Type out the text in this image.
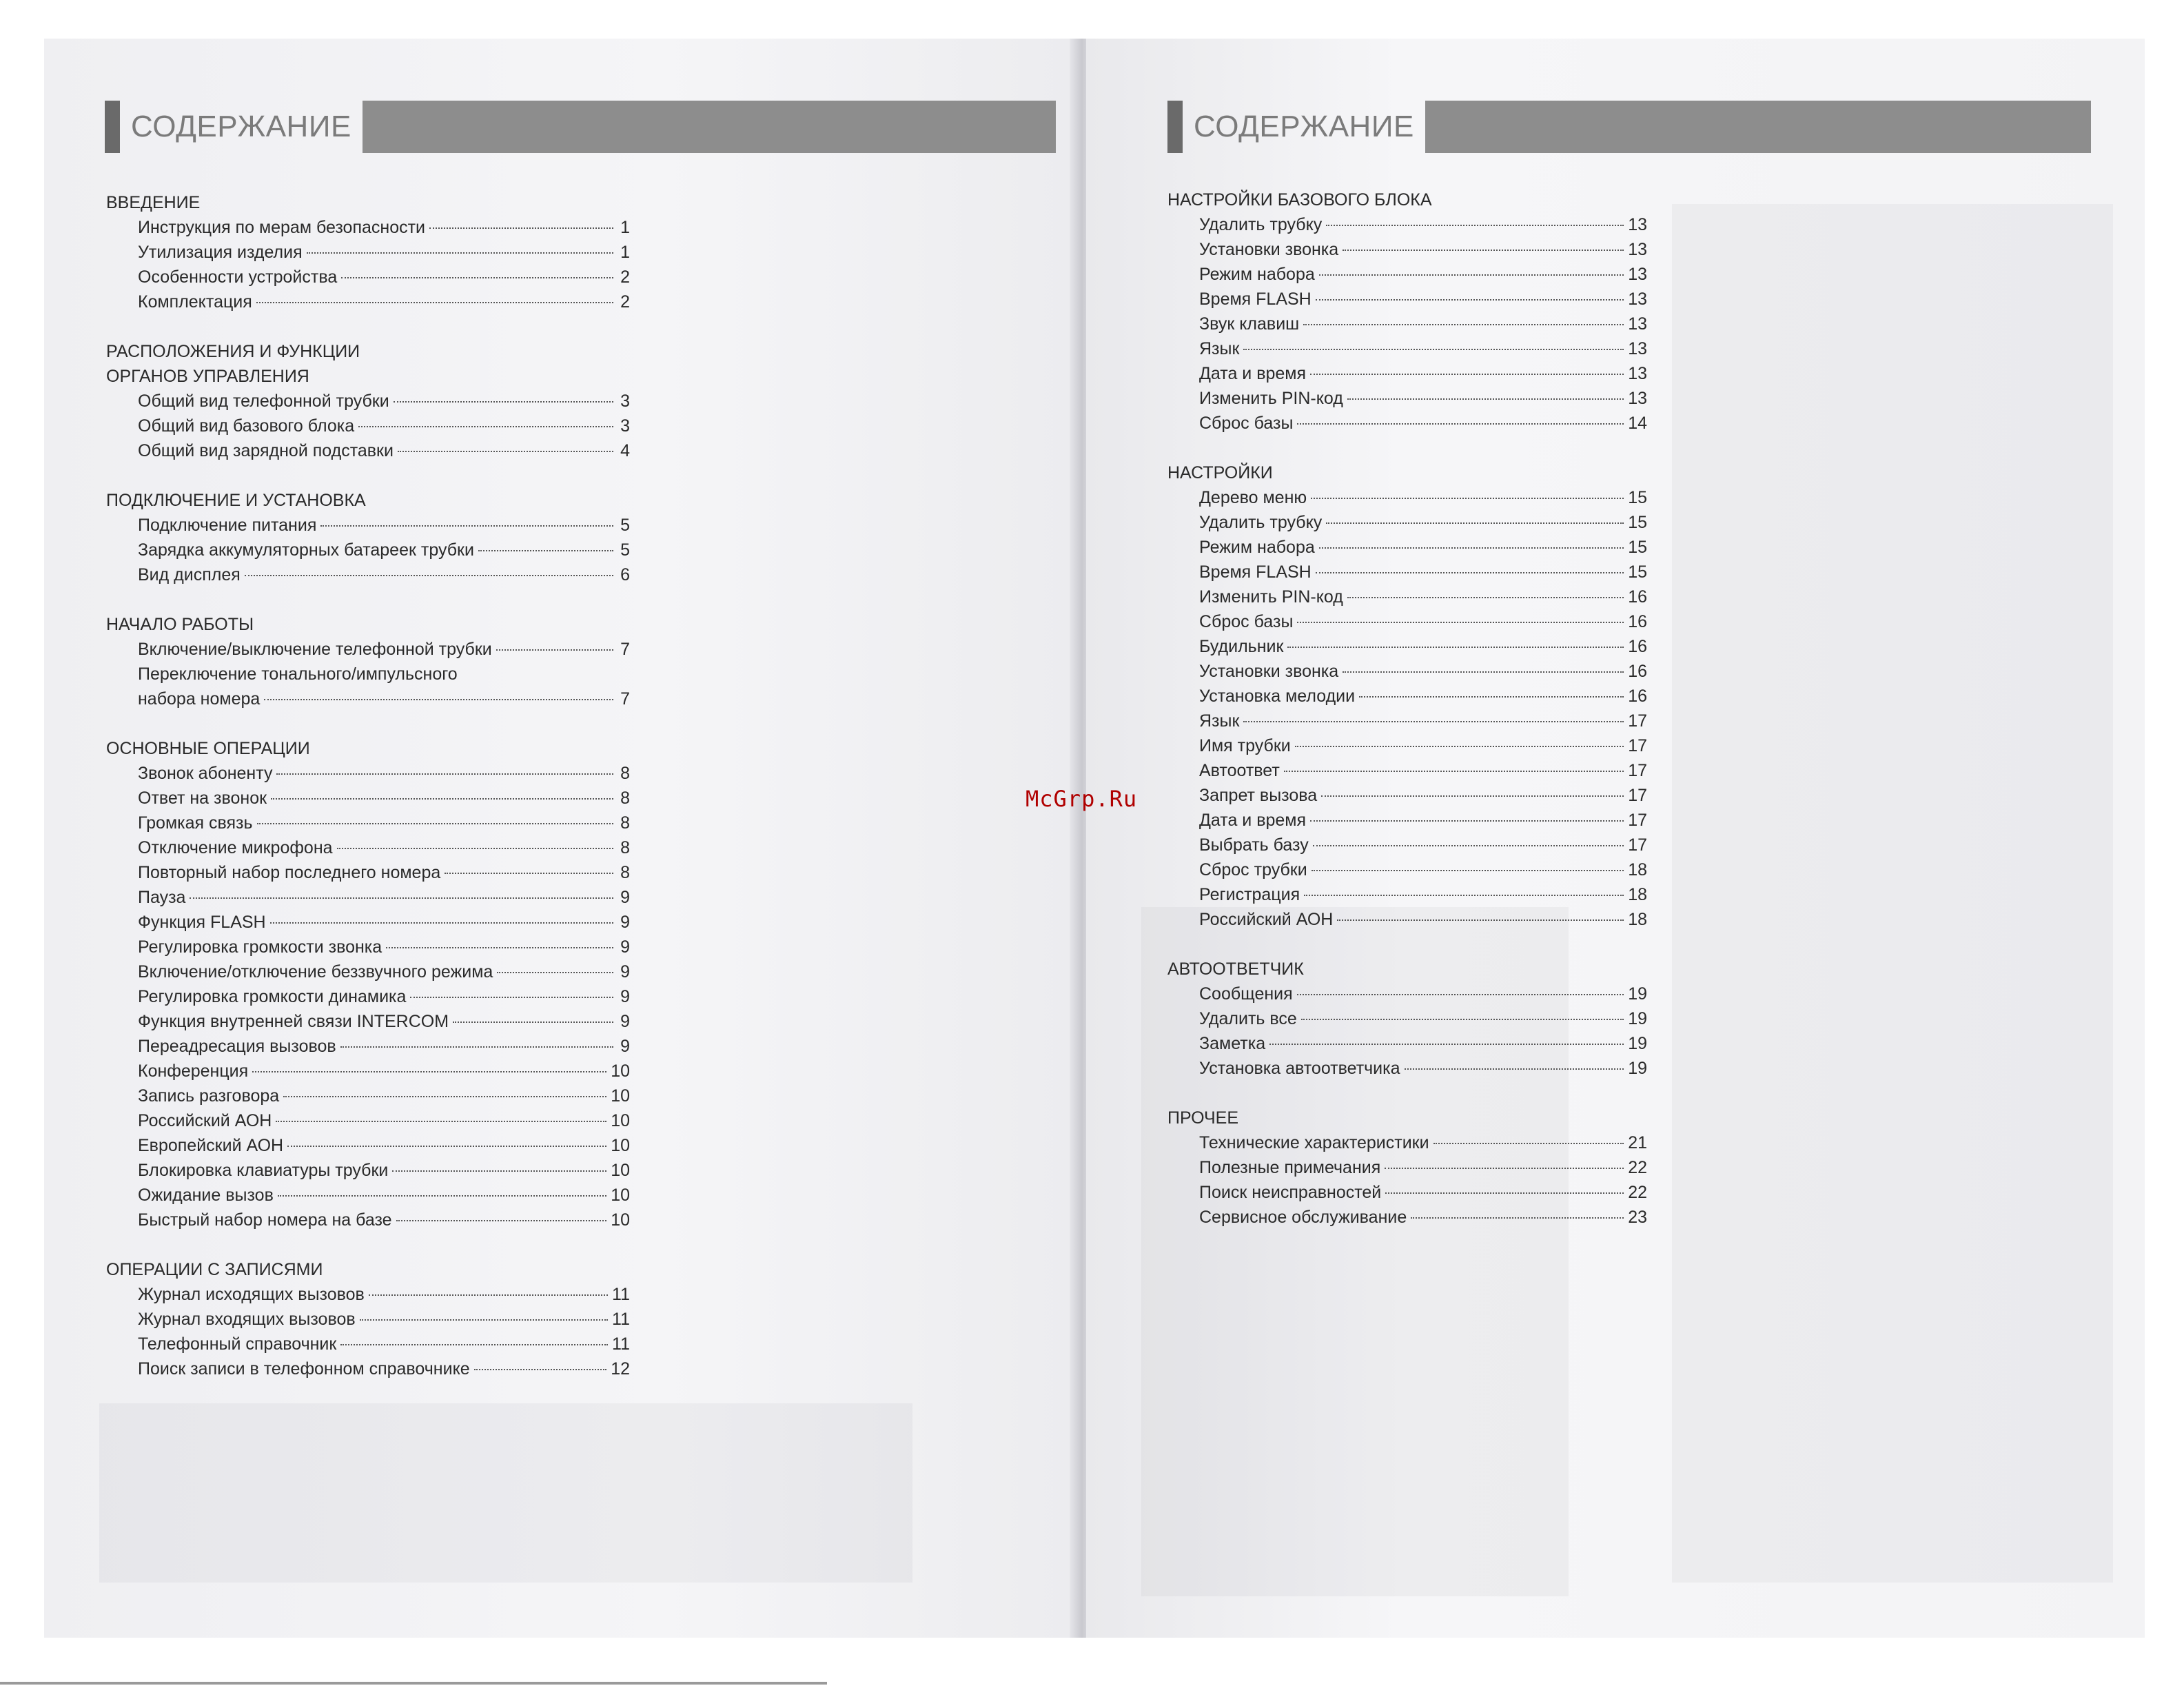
СОДЕРЖАНИЕ
ВВЕДЕНИЕ
Инструкция по мерам безопасности	1
Утилизация изделия	1
Особенности устройства	2
Комплектация	2
РАСПОЛОЖЕНИЯ И ФУНКЦИИ
ОРГАНОВ УПРАВЛЕНИЯ
Общий вид телефонной трубки	3
Общий вид базового блока	3
Общий вид зарядной подставки	4
ПОДКЛЮЧЕНИЕ И УСТАНОВКА
Подключение питания	5
Зарядка аккумуляторных батареек трубки	5
Вид дисплея	6
НАЧАЛО РАБОТЫ
Включение/выключение телефонной трубки	7
Переключение тонального/импульсного
набора номера	7
ОСНОВНЫЕ ОПЕРАЦИИ
Звонок абоненту	8
Ответ на звонок	8
Громкая связь	8
Отключение микрофона	8
Повторный набор последнего номера	8
Пауза	9
Функция FLASH	9
Регулировка громкости звонка	9
Включение/отключение беззвучного режима	9
Регулировка громкости динамика	9
Функция внутренней связи INTERCOM	9
Переадресация вызовов	9
Конференция	10
Запись разговора	10
Российский АОН	10
Европейский АОН	10
Блокировка клавиатуры трубки	10
Ожидание вызов	10
Быстрый набор номера на базе	10
ОПЕРАЦИИ С ЗАПИСЯМИ
Журнал исходящих вызовов	11
Журнал входящих вызовов	11
Телефонный справочник	11
Поиск записи в телефонном справочнике	12
СОДЕРЖАНИЕ
НАСТРОЙКИ БАЗОВОГО БЛОКА
Удалить трубку	13
Установки звонка	13
Режим набора	13
Время FLASH	13
Звук клавиш	13
Язык	13
Дата и время	13
Изменить PIN-код	13
Сброс базы	14
НАСТРОЙКИ
Дерево меню	15
Удалить трубку	15
Режим набора	15
Время FLASH	15
Изменить PIN-код	16
Сброс базы	16
Будильник	16
Установки звонка	16
Установка мелодии	16
Язык	17
Имя трубки	17
Автоответ	17
Запрет вызова	17
Дата и время	17
Выбрать базу	17
Сброс трубки	18
Регистрация	18
Российский АОН	18
АВТООТВЕТЧИК
Сообщения	19
Удалить все	19
Заметка	19
Установка автоответчика	19
ПРОЧЕЕ
Технические характеристики	21
Полезные примечания	22
Поиск неисправностей	22
Сервисное обслуживание	23
McGrp.Ru
